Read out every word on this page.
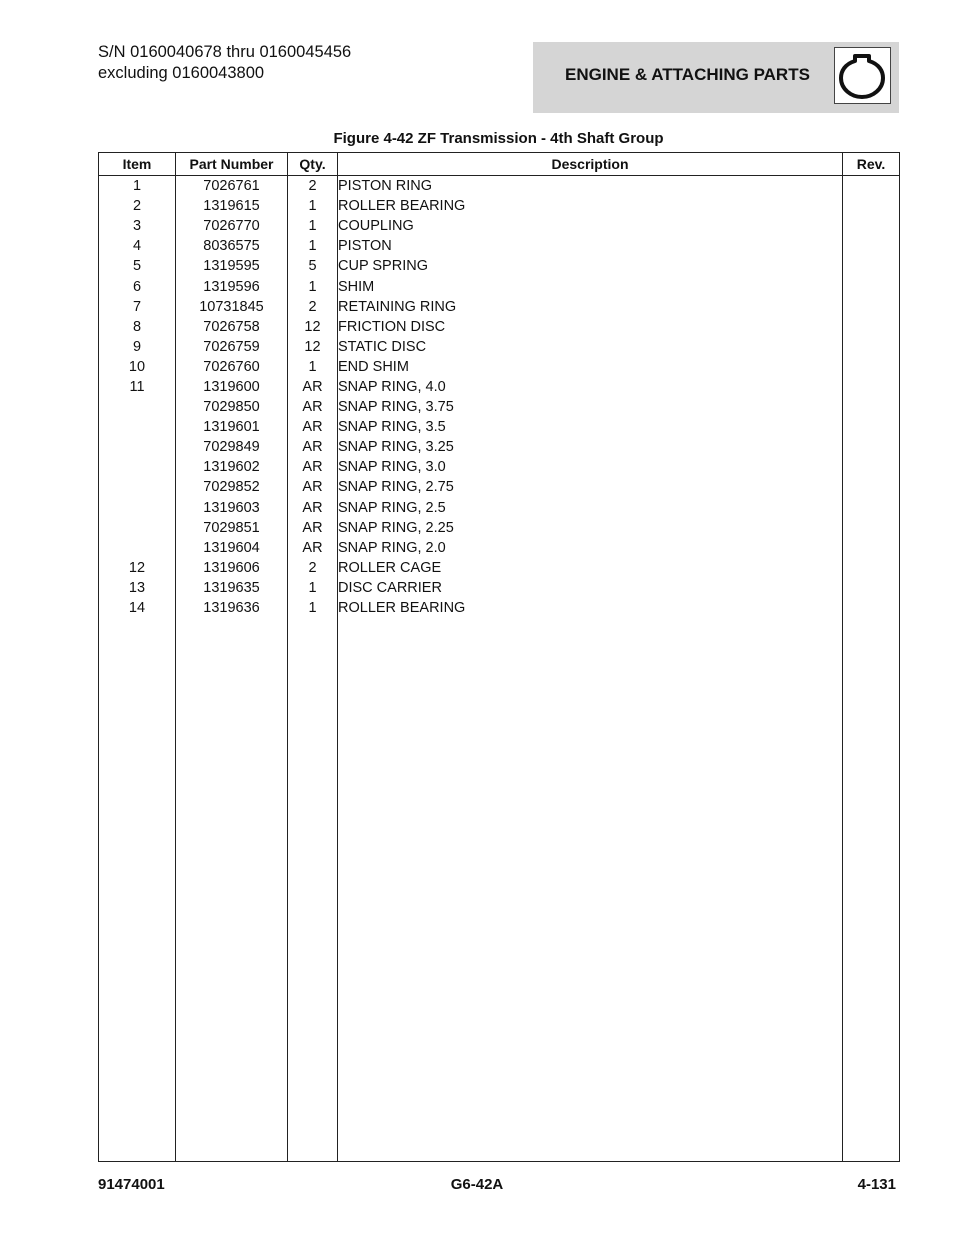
S/N 0160040678 thru 0160045456
excluding 0160043800	ENGINE & ATTACHING PARTS
Figure 4-42 ZF Transmission - 4th Shaft Group
Item	Part Number	Qty.	Description	Rev.
1	7026761	2	PISTON RING	
2	1319615	1	ROLLER BEARING	
3	7026770	1	COUPLING	
4	8036575	1	PISTON	
5	1319595	5	CUP SPRING	
6	1319596	1	SHIM	
7	10731845	2	RETAINING RING	
8	7026758	12	FRICTION DISC	
9	7026759	12	STATIC DISC	
10	7026760	1	END SHIM	
11	1319600	AR	SNAP RING, 4.0	
	7029850	AR	SNAP RING, 3.75	
	1319601	AR	SNAP RING, 3.5	
	7029849	AR	SNAP RING, 3.25	
	1319602	AR	SNAP RING, 3.0	
	7029852	AR	SNAP RING, 2.75	
	1319603	AR	SNAP RING, 2.5	
	7029851	AR	SNAP RING, 2.25	
	1319604	AR	SNAP RING, 2.0	
12	1319606	2	ROLLER CAGE	
13	1319635	1	DISC CARRIER	
14	1319636	1	ROLLER BEARING	

91474001	G6-42A	4-131
